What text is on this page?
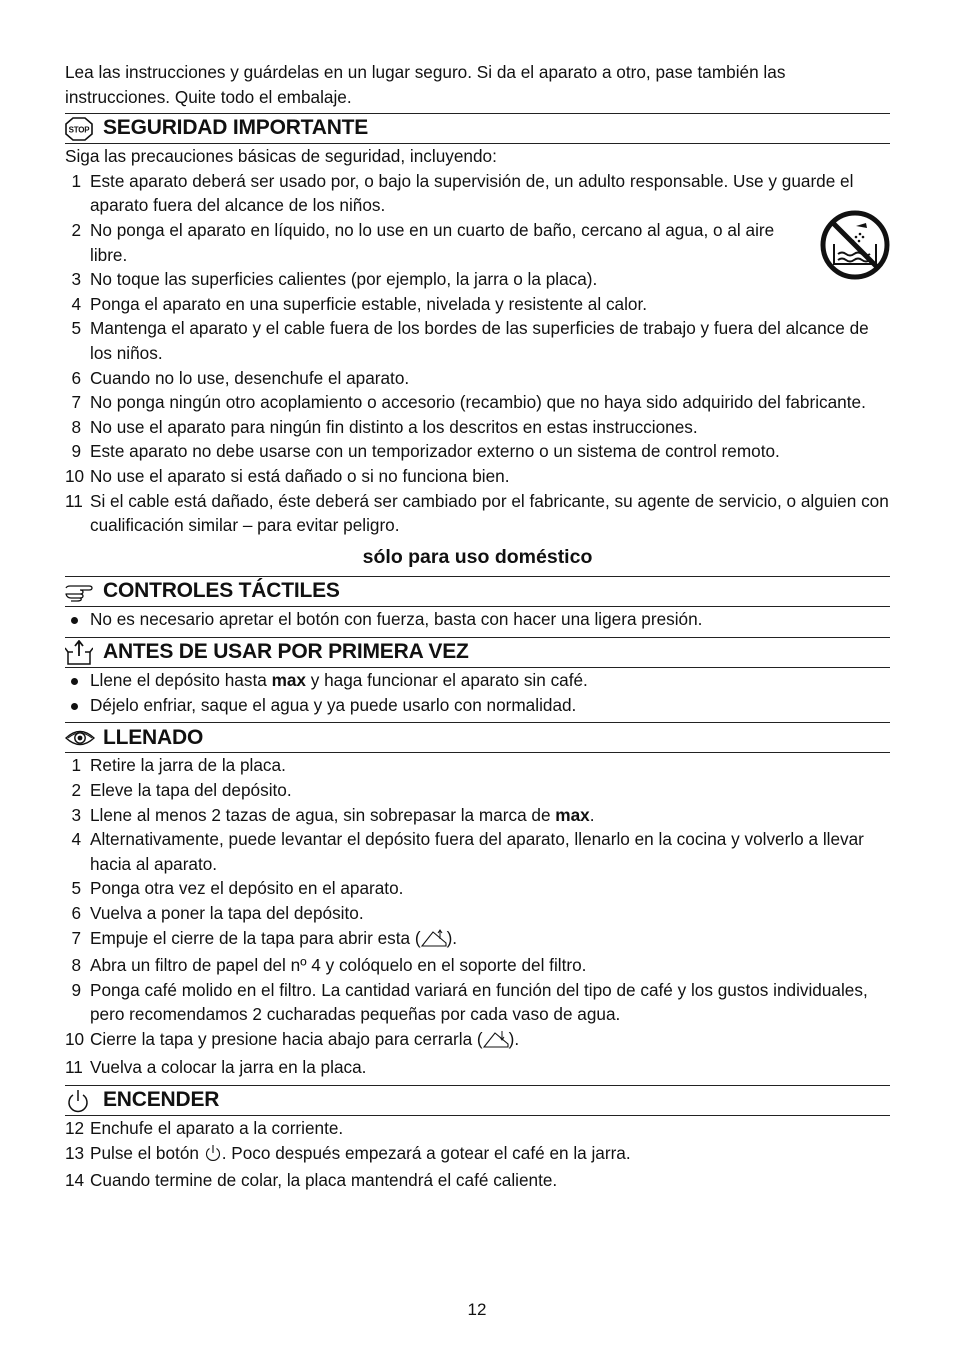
Lea las instrucciones y guárdelas en un lugar seguro. Si da el aparato a otro, pase también las instrucciones. Quite todo el embalaje.

STOP SEGURIDAD IMPORTANTE

Siga las precauciones básicas de seguridad, incluyendo:

1 Este aparato deberá ser usado por, o bajo la supervisión de, un adulto responsable. Use y guarde el aparato fuera del alcance de los niños.
2 No ponga el aparato en líquido, no lo use en un cuarto de baño, cercano al agua, o al aire libre.
3 No toque las superficies calientes (por ejemplo, la jarra o la placa).
4 Ponga el aparato en una superficie estable, nivelada y resistente al calor.
5 Mantenga el aparato y el cable fuera de los bordes de las superficies de trabajo y fuera del alcance de los niños.
6 Cuando no lo use, desenchufe el aparato.
7 No ponga ningún otro acoplamiento o accesorio (recambio) que no haya sido adquirido del fabricante.
8 No use el aparato para ningún fin distinto a los descritos en estas instrucciones.
9 Este aparato no debe usarse con un temporizador externo o un sistema de control remoto.
10 No use el aparato si está dañado o si no funciona bien.
11 Si el cable está dañado, éste deberá ser cambiado por el fabricante, su agente de servicio, o alguien con cualificación similar – para evitar peligro.
sólo para uso doméstico
CONTROLES TÁCTILES
No es necesario apretar el botón con fuerza, basta con hacer una ligera presión.
ANTES DE USAR POR PRIMERA VEZ
Llene el depósito hasta max y haga funcionar el aparato sin café.
Déjelo enfriar, saque el agua y ya puede usarlo con normalidad.
LLENADO
1 Retire la jarra de la placa.
2 Eleve la tapa del depósito.
3 Llene al menos 2 tazas de agua, sin sobrepasar la marca de max.
4 Alternativamente, puede levantar el depósito fuera del aparato, llenarlo en la cocina y volverlo a llevar hacia al aparato.
5 Ponga otra vez el depósito en el aparato.
6 Vuelva a poner la tapa del depósito.
7 Empuje el cierre de la tapa para abrir esta ( ).
8 Abra un filtro de papel del nº 4 y colóquelo en el soporte del filtro.
9 Ponga café molido en el filtro. La cantidad variará en función del tipo de café y los gustos individuales, pero recomendamos 2 cucharadas pequeñas por cada vaso de agua.
10 Cierre la tapa y presione hacia abajo para cerrarla ( ).
11 Vuelva a colocar la jarra en la placa.
ENCENDER
12 Enchufe el aparato a la corriente.
13 Pulse el botón . Poco después empezará a gotear el café en la jarra.
14 Cuando termine de colar, la placa mantendrá el café caliente.
12
